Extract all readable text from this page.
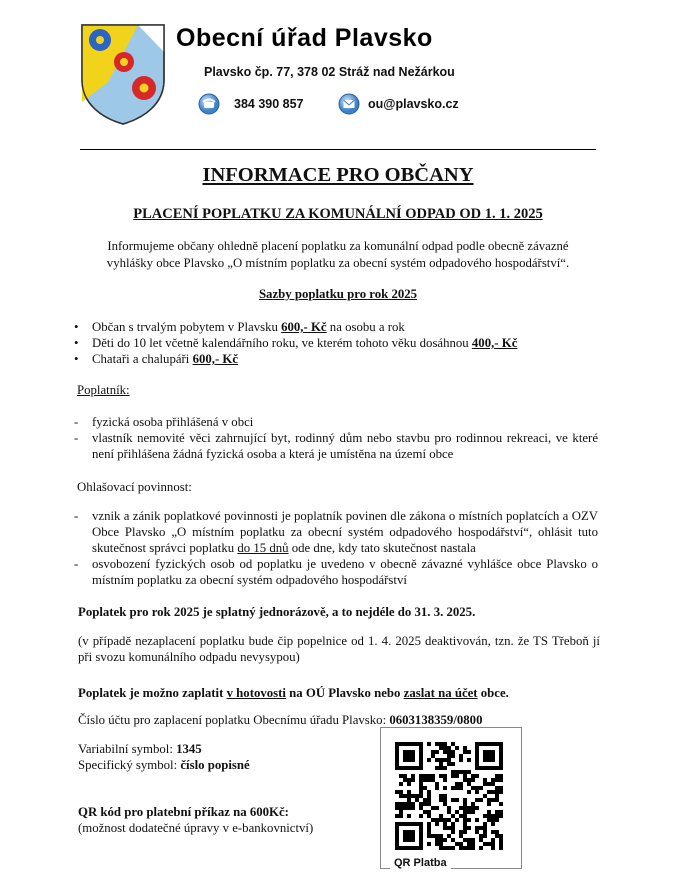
Obecní úřad Plavsko
Plavsko čp. 77, 378 02 Stráž nad Nežárkou
384 390 857	ou@plavsko.cz
INFORMACE PRO OBČANY
PLACENÍ POPLATKU ZA KOMUNÁLNÍ ODPAD OD 1. 1. 2025
Informujeme občany ohledně placení poplatku za komunální odpad podle obecně závazné vyhlášky obce Plavsko „O místním poplatku za obecní systém odpadového hospodářství“.
Sazby poplatku pro rok 2025
• Občan s trvalým pobytem v Plavsku 600,- Kč na osobu a rok
• Děti do 10 let včetně kalendářního roku, ve kterém tohoto věku dosáhnou 400,- Kč
• Chataři a chalupáři 600,- Kč
Poplatník:
- fyzická osoba přihlášená v obci
- vlastník nemovité věci zahrnující byt, rodinný dům nebo stavbu pro rodinnou rekreaci, ve které není přihlášena žádná fyzická osoba a která je umístěna na území obce
Ohlašovací povinnost:
- vznik a zánik poplatkové povinnosti je poplatník povinen dle zákona o místních poplatcích a OZV Obce Plavsko „O místním poplatku za obecní systém odpadového hospodářství“, ohlásit tuto skutečnost správci poplatku do 15 dnů ode dne, kdy tato skutečnost nastala
- osvobození fyzických osob od poplatku je uvedeno v obecně závazné vyhlášce obce Plavsko o místním poplatku za obecní systém odpadového hospodářství
Poplatek pro rok 2025 je splatný jednorázově, a to nejdéle do 31. 3. 2025.
(v případě nezaplacení poplatku bude čip popelnice od 1. 4. 2025 deaktivován, tzn. že TS Třeboň jí při svozu komunálního odpadu nevysypou)
Poplatek je možno zaplatit v hotovosti na OÚ Plavsko nebo zaslat na účet obce.
Číslo účtu pro zaplacení poplatku Obecnímu úřadu Plavsko: 0603138359/0800
Variabilní symbol: 1345
Specifický symbol: číslo popisné
QR kód pro platební příkaz na 600Kč:
(možnost dodatečné úpravy v e-bankovnictví)
QR Platba
